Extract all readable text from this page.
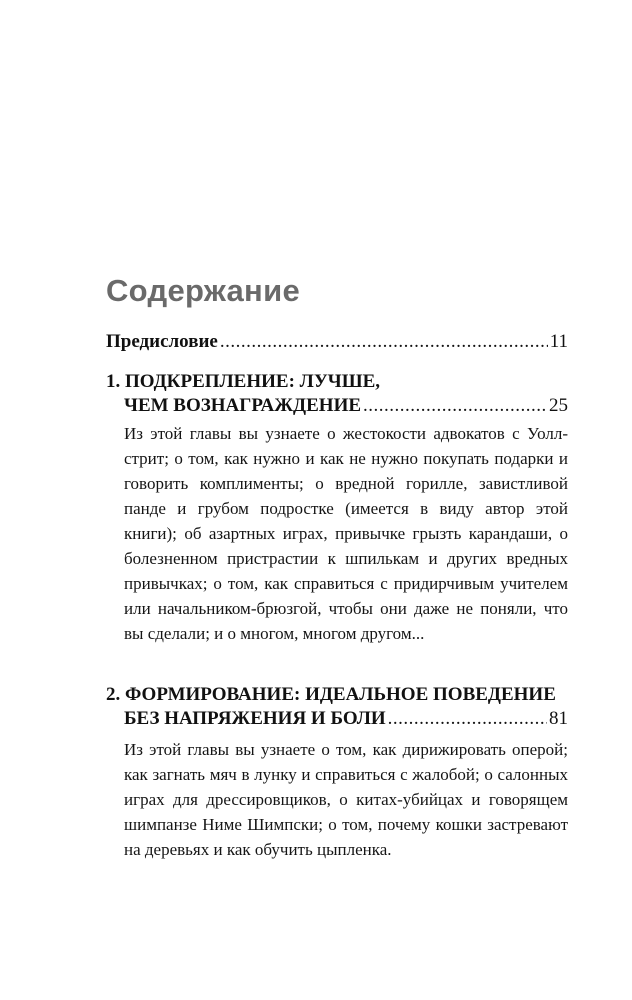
Содержание
Предисловие .....	11
1. ПОДКРЕПЛЕНИЕ: ЛУЧШЕ,
ЧЕМ ВОЗНАГРАЖДЕНИЕ .....	25
Из этой главы вы узнаете о жестокости адвокатов с Уолл-стрит; о том, как нужно и как не нужно покупать подарки и говорить комплименты; о вредной горилле, завистливой панде и грубом подростке (имеется в виду автор этой книги); об азартных играх, привычке грызть карандаши, о болезненном пристрастии к шпилькам и других вредных привычках; о том, как справиться с придирчивым учителем или начальником-брюзгой, чтобы они даже не поняли, что вы сделали; и о многом, многом другом...
2. ФОРМИРОВАНИЕ: ИДЕАЛЬНОЕ ПОВЕДЕНИЕ
БЕЗ НАПРЯЖЕНИЯ И БОЛИ .....	81
Из этой главы вы узнаете о том, как дирижировать оперой; как загнать мяч в лунку и справиться с жалобой; о салонных играх для дрессировщиков, о китах-убийцах и говорящем шимпанзе Ниме Шимпски; о том, почему кошки застревают на деревьях и как обучить цыпленка.
